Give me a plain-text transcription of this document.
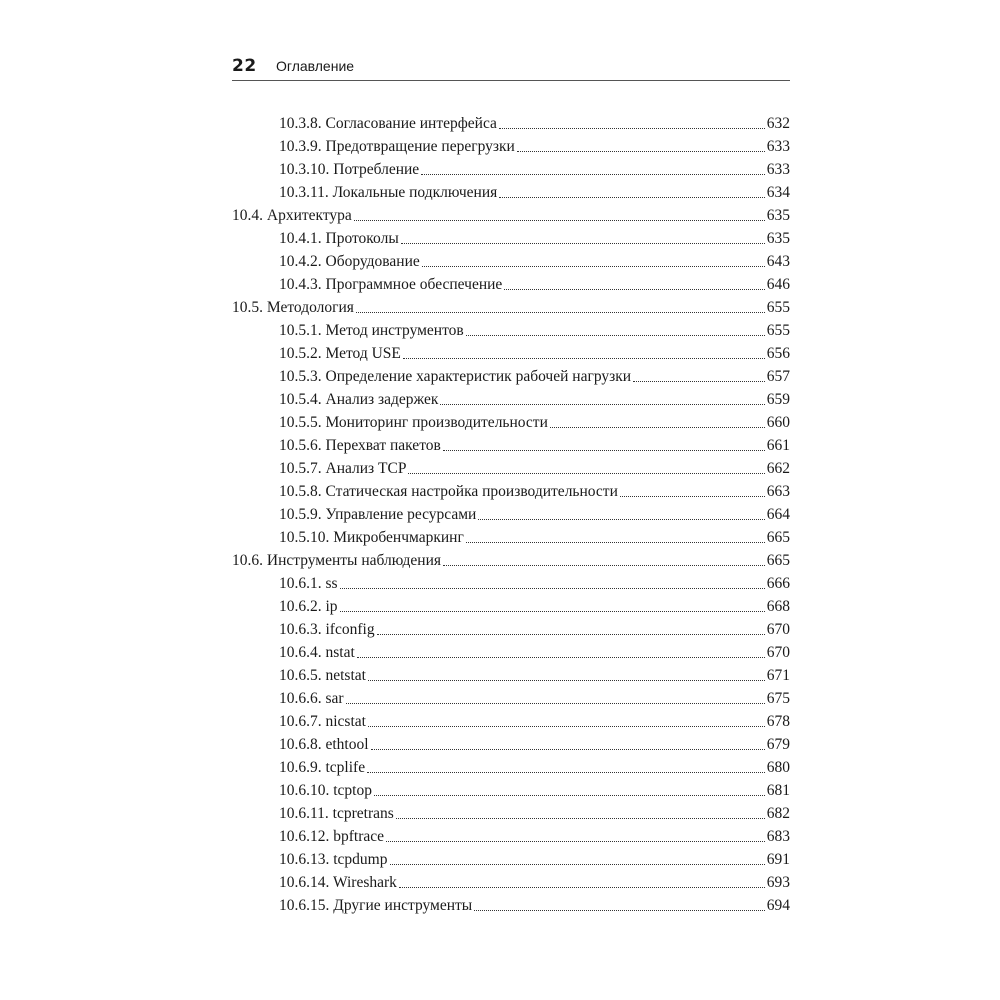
22 Оглавление
10.3.8. Согласование интерфейса	632
10.3.9. Предотвращение перегрузки	633
10.3.10. Потребление	633
10.3.11. Локальные подключения	634
10.4. Архитектура	635
10.4.1. Протоколы	635
10.4.2. Оборудование	643
10.4.3. Программное обеспечение	646
10.5. Методология	655
10.5.1. Метод инструментов	655
10.5.2. Метод USE	656
10.5.3. Определение характеристик рабочей нагрузки	657
10.5.4. Анализ задержек	659
10.5.5. Мониторинг производительности	660
10.5.6. Перехват пакетов	661
10.5.7. Анализ TCP	662
10.5.8. Статическая настройка производительности	663
10.5.9. Управление ресурсами	664
10.5.10. Микробенчмаркинг	665
10.6. Инструменты наблюдения	665
10.6.1. ss	666
10.6.2. ip	668
10.6.3. ifconfig	670
10.6.4. nstat	670
10.6.5. netstat	671
10.6.6. sar	675
10.6.7. nicstat	678
10.6.8. ethtool	679
10.6.9. tcplife	680
10.6.10. tcptop	681
10.6.11. tcpretrans	682
10.6.12. bpftrace	683
10.6.13. tcpdump	691
10.6.14. Wireshark	693
10.6.15. Другие инструменты	694
